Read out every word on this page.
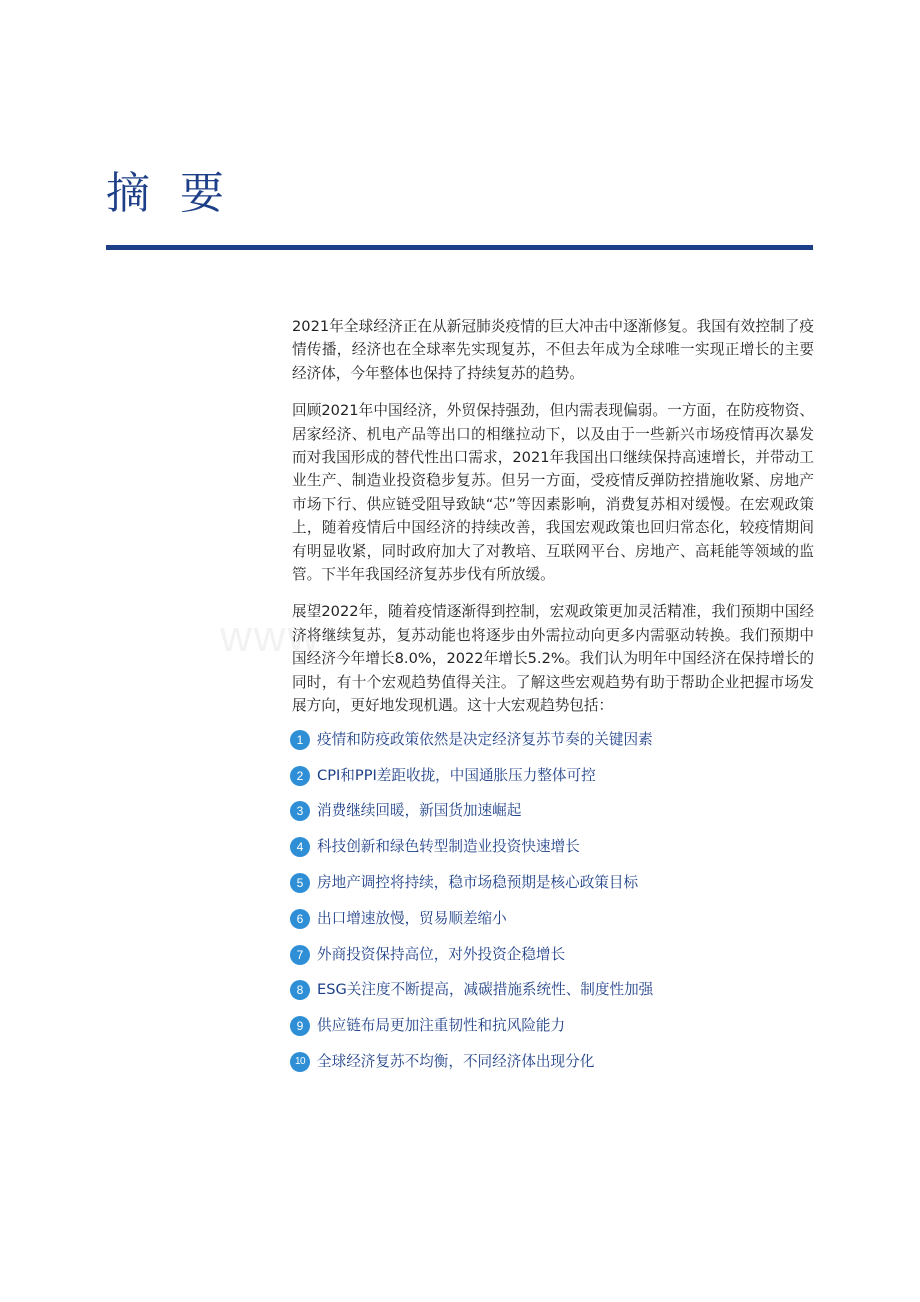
摘 要
www

2021年全球经济正在从新冠肺炎疫情的巨大冲击中逐渐修复。我国有效控制了疫情传播，经济也在全球率先实现复苏，不但去年成为全球唯一实现正增长的主要经济体，今年整体也保持了持续复苏的趋势。

回顾2021年中国经济，外贸保持强劲，但内需表现偏弱。一方面，在防疫物资、居家经济、机电产品等出口的相继拉动下，以及由于一些新兴市场疫情再次暴发而对我国形成的替代性出口需求，2021年我国出口继续保持高速增长，并带动工业生产、制造业投资稳步复苏。但另一方面，受疫情反弹防控措施收紧、房地产市场下行、供应链受阻导致缺“芯”等因素影响，消费复苏相对缓慢。在宏观政策上，随着疫情后中国经济的持续改善，我国宏观政策也回归常态化，较疫情期间有明显收紧，同时政府加大了对教培、互联网平台、房地产、高耗能等领域的监管。下半年我国经济复苏步伐有所放缓。

展望2022年，随着疫情逐渐得到控制，宏观政策更加灵活精准，我们预期中国经济将继续复苏，复苏动能也将逐步由外需拉动向更多内需驱动转换。我们预期中国经济今年增长8.0%，2022年增长5.2%。我们认为明年中国经济在保持增长的同时，有十个宏观趋势值得关注。了解这些宏观趋势有助于帮助企业把握市场发展方向，更好地发现机遇。这十大宏观趋势包括：

1 疫情和防疫政策依然是决定经济复苏节奏的关键因素
2 CPI和PPI差距收拢，中国通胀压力整体可控
3 消费继续回暖，新国货加速崛起
4 科技创新和绿色转型制造业投资快速增长
5 房地产调控将持续，稳市场稳预期是核心政策目标
6 出口增速放慢，贸易顺差缩小
7 外商投资保持高位，对外投资企稳增长
8 ESG关注度不断提高，减碳措施系统性、制度性加强
9 供应链布局更加注重韧性和抗风险能力
10 全球经济复苏不均衡，不同经济体出现分化
